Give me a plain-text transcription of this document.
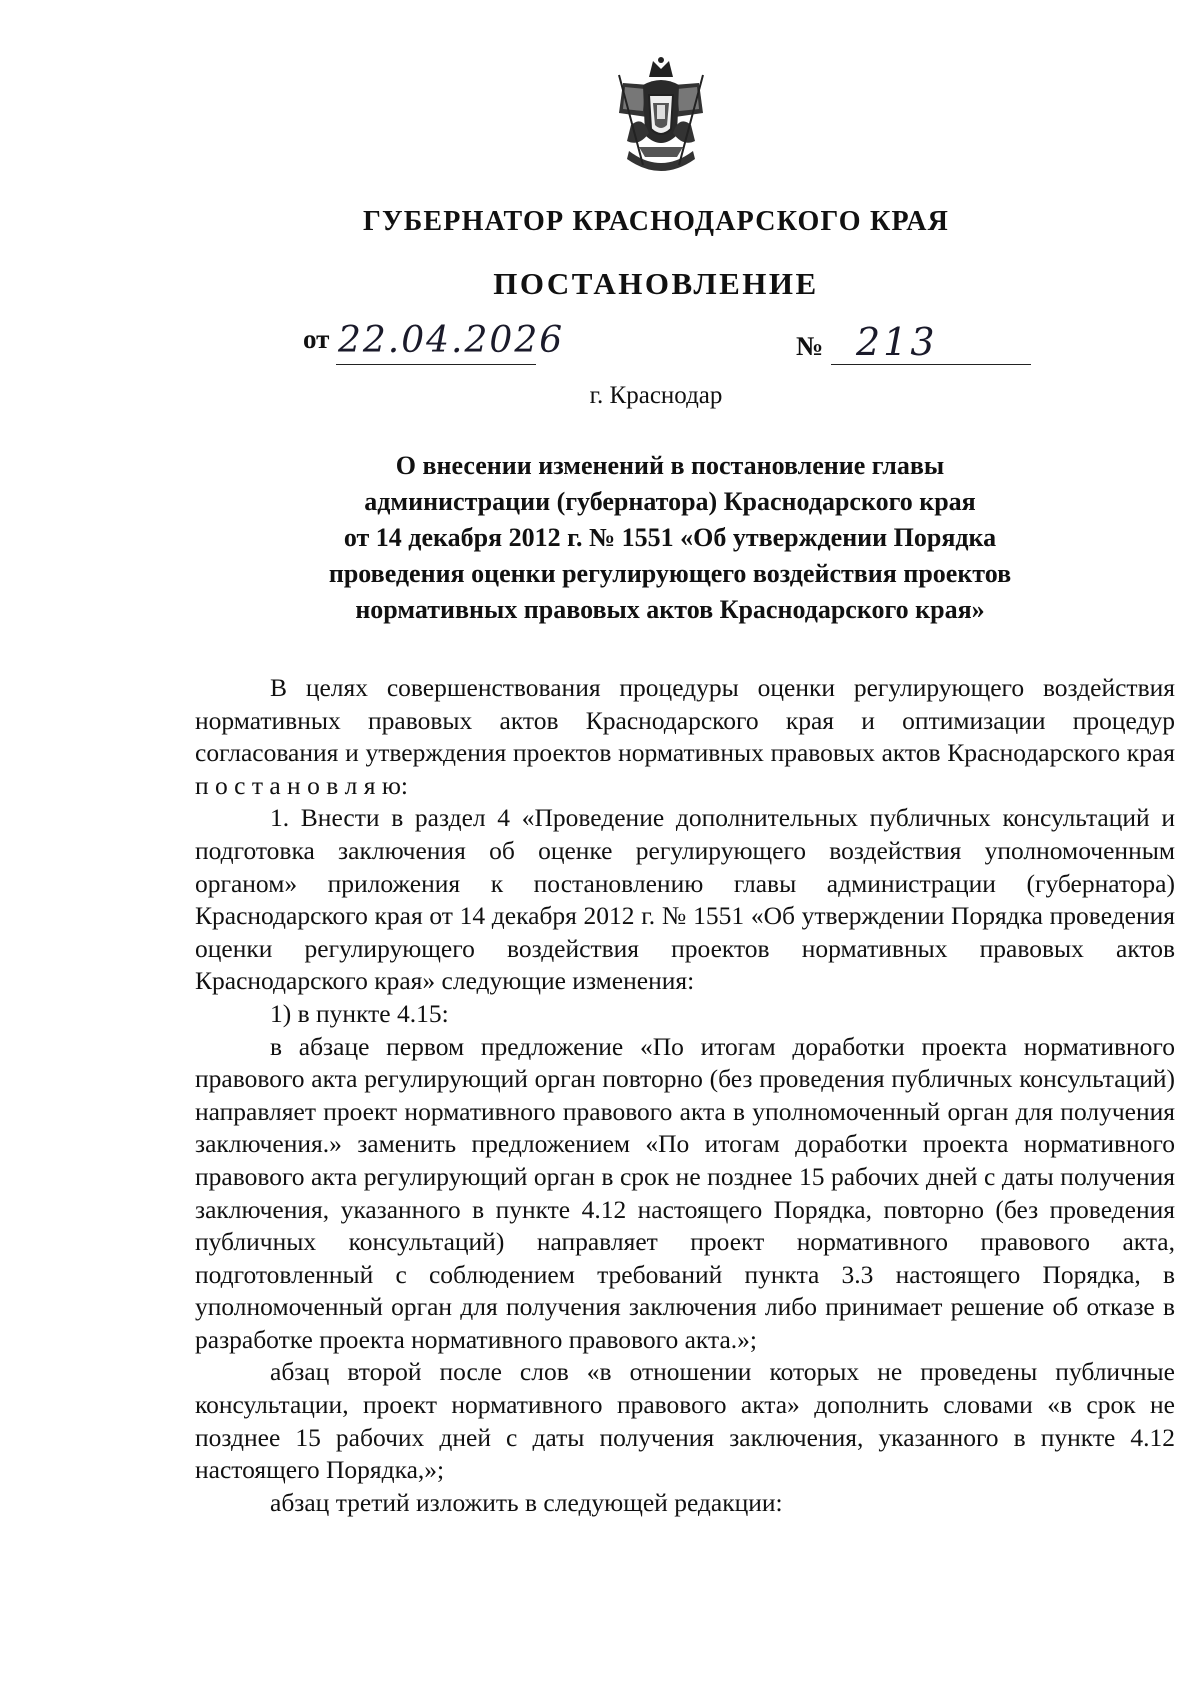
ГУБЕРНАТОР КРАСНОДАРСКОГО КРАЯ
ПОСТАНОВЛЕНИЕ
от 22.04.2026	№ 213
г. Краснодар
О внесении изменений в постановление главы
администрации (губернатора) Краснодарского края
от 14 декабря 2012 г. № 1551 «Об утверждении Порядка
проведения оценки регулирующего воздействия проектов
нормативных правовых актов Краснодарского края»

В целях совершенствования процедуры оценки регулирующего воздействия нормативных правовых актов Краснодарского края и оптимизации процедур согласования и утверждения проектов нормативных правовых актов Краснодарского края п о с т а н о в л я ю:

1. Внести в раздел 4 «Проведение дополнительных публичных консультаций и подготовка заключения об оценке регулирующего воздействия уполномоченным органом» приложения к постановлению главы администрации (губернатора) Краснодарского края от 14 декабря 2012 г. № 1551 «Об утверждении Порядка проведения оценки регулирующего воздействия проектов нормативных правовых актов Краснодарского края» следующие изменения:

1) в пункте 4.15:

в абзаце первом предложение «По итогам доработки проекта нормативного правового акта регулирующий орган повторно (без проведения публичных консультаций) направляет проект нормативного правового акта в уполномоченный орган для получения заключения.» заменить предложением «По итогам доработки проекта нормативного правового акта регулирующий орган в срок не позднее 15 рабочих дней с даты получения заключения, указанного в пункте 4.12 настоящего Порядка, повторно (без проведения публичных консультаций) направляет проект нормативного правового акта, подготовленный с соблюдением требований пункта 3.3 настоящего Порядка, в уполномоченный орган для получения заключения либо принимает решение об отказе в разработке проекта нормативного правового акта.»;

абзац второй после слов «в отношении которых не проведены публичные консультации, проект нормативного правового акта» дополнить словами «в срок не позднее 15 рабочих дней с даты получения заключения, указанного в пункте 4.12 настоящего Порядка,»;

абзац третий изложить в следующей редакции:
